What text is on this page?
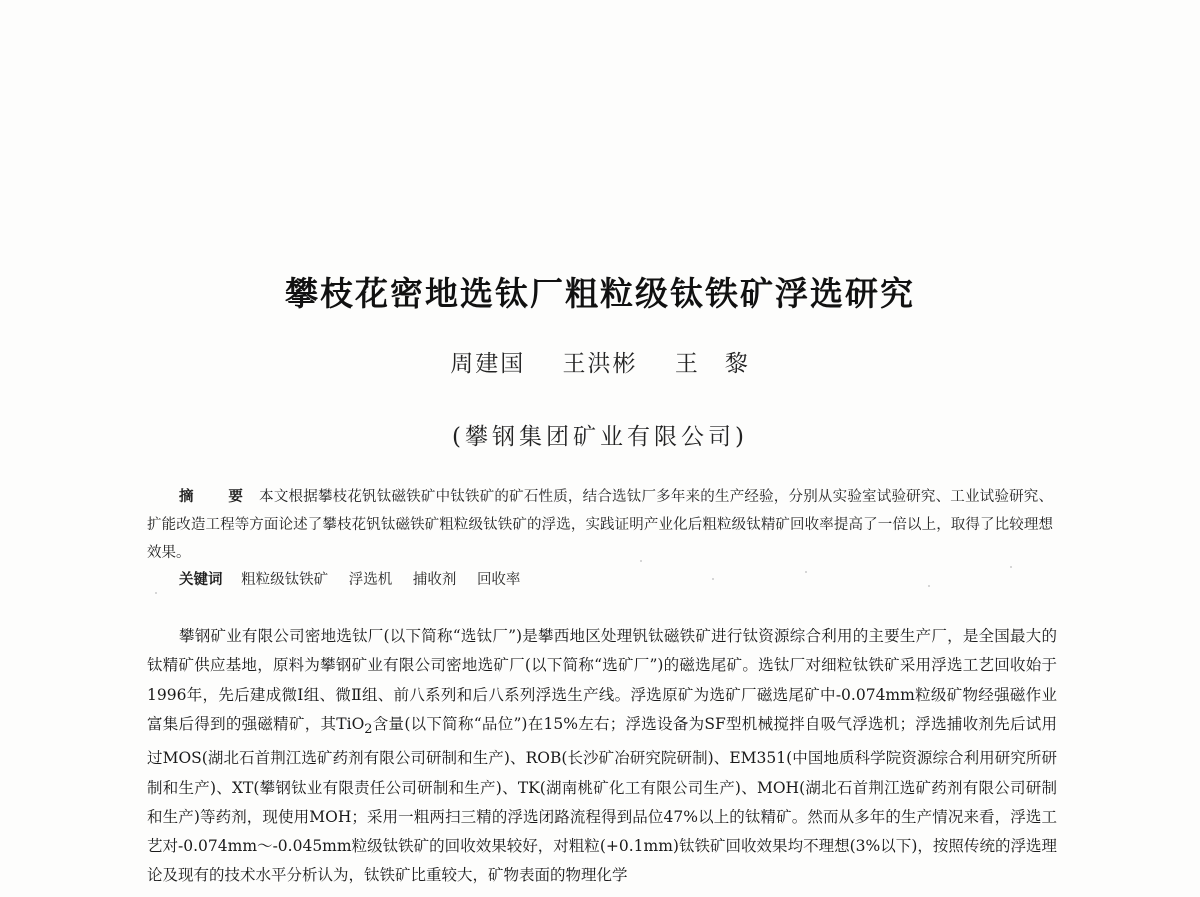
攀枝花密地选钛厂粗粒级钛铁矿浮选研究
周建国 王洪彬 王　黎
(攀钢集团矿业有限公司)

摘　要 本文根据攀枝花钒钛磁铁矿中钛铁矿的矿石性质，结合选钛厂多年来的生产经验，分别从实验室试验研究、工业试验研究、扩能改造工程等方面论述了攀枝花钒钛磁铁矿粗粒级钛铁矿的浮选，实践证明产业化后粗粒级钛精矿回收率提高了一倍以上，取得了比较理想效果。

关键词 粗粒级钛铁矿 浮选机 捕收剂 回收率

攀钢矿业有限公司密地选钛厂(以下简称“选钛厂”)是攀西地区处理钒钛磁铁矿进行钛资源综合利用的主要生产厂，是全国最大的钛精矿供应基地，原料为攀钢矿业有限公司密地选矿厂(以下简称“选矿厂”)的磁选尾矿。选钛厂对细粒钛铁矿采用浮选工艺回收始于1996年，先后建成微Ⅰ组、微Ⅱ组、前八系列和后八系列浮选生产线。浮选原矿为选矿厂磁选尾矿中-0.074mm粒级矿物经强磁作业富集后得到的强磁精矿，其TiO$_2$含量(以下简称“品位”)在15%左右；浮选设备为SF型机械搅拌自吸气浮选机；浮选捕收剂先后试用过MOS(湖北石首荆江选矿药剂有限公司研制和生产)、ROB(长沙矿冶研究院研制)、EM351(中国地质科学院资源综合利用研究所研制和生产)、XT(攀钢钛业有限责任公司研制和生产)、TK(湖南桃矿化工有限公司生产)、MOH(湖北石首荆江选矿药剂有限公司研制和生产)等药剂，现使用MOH；采用一粗两扫三精的浮选闭路流程得到品位47%以上的钛精矿。然而从多年的生产情况来看，浮选工艺对-0.074mm～-0.045mm粒级钛铁矿的回收效果较好，对粗粒(+0.1mm)钛铁矿回收效果均不理想(3%以下)，按照传统的浮选理论及现有的技术水平分析认为，钛铁矿比重较大，矿物表面的物理化学
